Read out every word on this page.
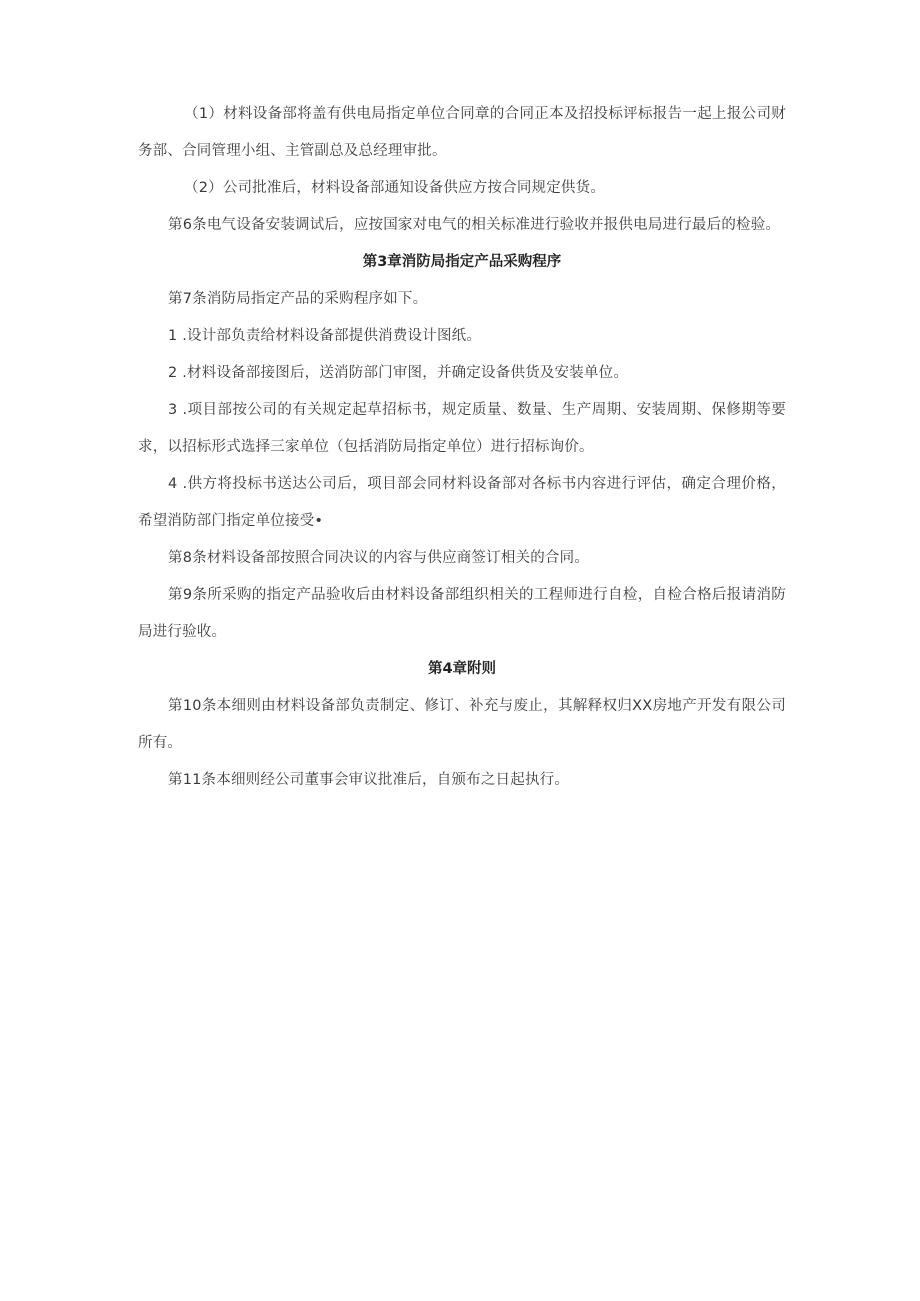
（1）材料设备部将盖有供电局指定单位合同章的合同正本及招投标评标报告一起上报公司财务部、合同管理小组、主管副总及总经理审批。

（2）公司批准后，材料设备部通知设备供应方按合同规定供货。

第6条电气设备安装调试后，应按国家对电气的相关标准进行验收并报供电局进行最后的检验。

第3章消防局指定产品采购程序

第7条消防局指定产品的采购程序如下。

1 .设计部负责给材料设备部提供消费设计图纸。

2 .材料设备部接图后，送消防部门审图，并确定设备供货及安装单位。

3 .项目部按公司的有关规定起草招标书，规定质量、数量、生产周期、安装周期、保修期等要求，以招标形式选择三家单位（包括消防局指定单位）进行招标询价。

4 .供方将投标书送达公司后，项目部会同材料设备部对各标书内容进行评估，确定合理价格，希望消防部门指定单位接受•

第8条材料设备部按照合同决议的内容与供应商签订相关的合同。

第9条所采购的指定产品验收后由材料设备部组织相关的工程师进行自检，自检合格后报请消防局进行验收。

第4章附则

第10条本细则由材料设备部负责制定、修订、补充与废止，其解释权归XX房地产开发有限公司所有。

第11条本细则经公司董事会审议批准后，自颁布之日起执行。
